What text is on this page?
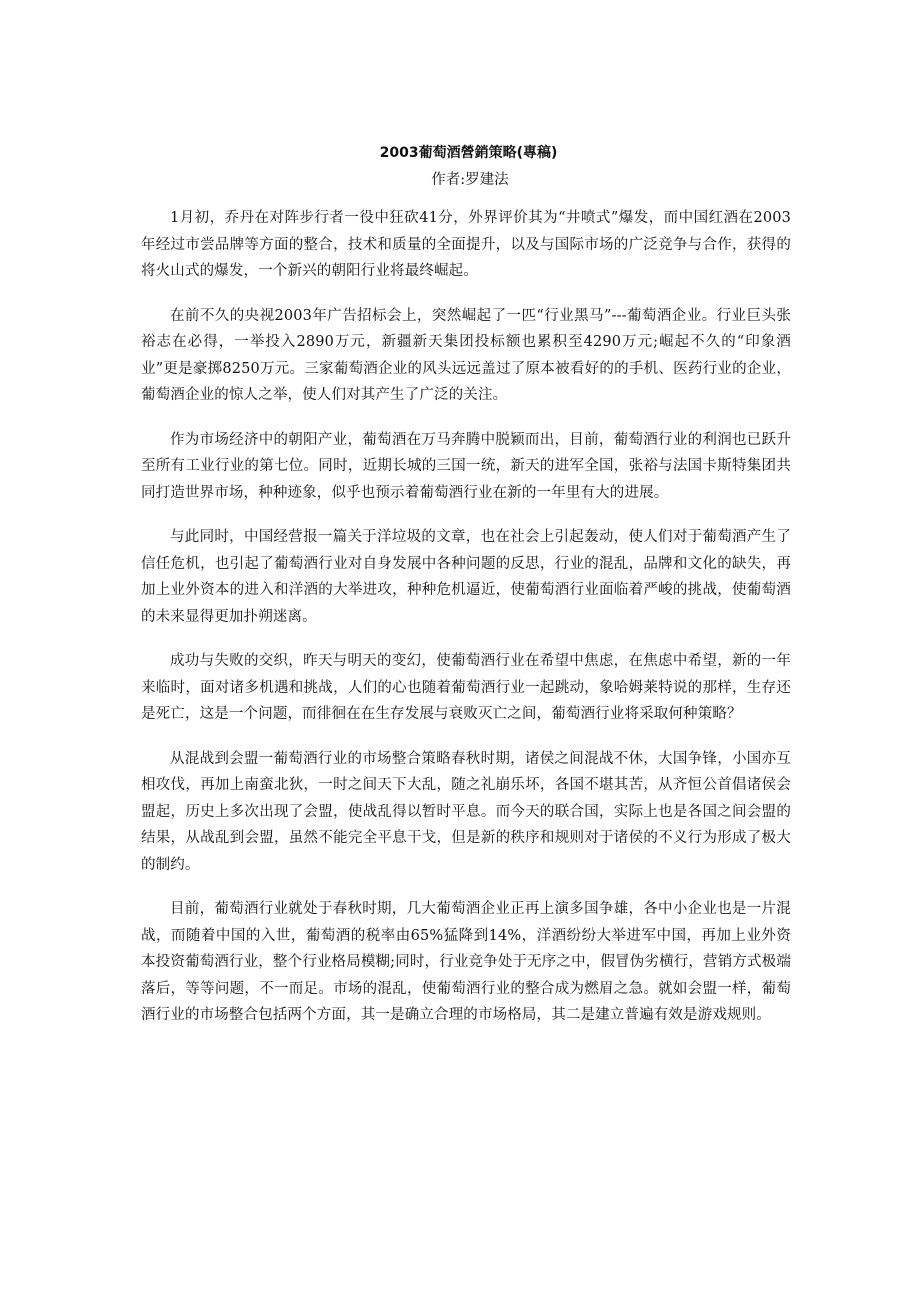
2003葡萄酒營銷策略(專稿)

作者:罗建法

1月初，乔丹在对阵步行者一役中狂砍41分，外界评价其为“井喷式”爆发，而中国红酒在2003年经过市尝品牌等方面的整合，技术和质量的全面提升，以及与国际市场的广泛竞争与合作，获得的将火山式的爆发，一个新兴的朝阳行业将最终崛起。

在前不久的央视2003年广告招标会上，突然崛起了一匹“行业黑马”---葡萄酒企业。行业巨头张裕志在必得，一举投入2890万元，新疆新天集团投标额也累积至4290万元;崛起不久的“印象酒业”更是豪掷8250万元。三家葡萄酒企业的风头远远盖过了原本被看好的的手机、医药行业的企业，葡萄酒企业的惊人之举，使人们对其产生了广泛的关注。

作为市场经济中的朝阳产业，葡萄酒在万马奔腾中脱颖而出，目前，葡萄酒行业的利润也已跃升至所有工业行业的第七位。同时，近期长城的三国一统，新天的进军全国，张裕与法国卡斯特集团共同打造世界市场，种种迹象，似乎也预示着葡萄酒行业在新的一年里有大的进展。

与此同时，中国经营报一篇关于洋垃圾的文章，也在社会上引起轰动，使人们对于葡萄酒产生了信任危机，也引起了葡萄酒行业对自身发展中各种问题的反思，行业的混乱，品牌和文化的缺失，再加上业外资本的进入和洋酒的大举进攻，种种危机逼近，使葡萄酒行业面临着严峻的挑战，使葡萄酒的未来显得更加扑朔迷离。

成功与失败的交织，昨天与明天的变幻，使葡萄酒行业在希望中焦虑，在焦虑中希望，新的一年来临时，面对诸多机遇和挑战，人们的心也随着葡萄酒行业一起跳动，象哈姆莱特说的那样，生存还是死亡，这是一个问题，而徘徊在在生存发展与衰败灭亡之间，葡萄酒行业将采取何种策略？

从混战到会盟一葡萄酒行业的市场整合策略春秋时期，诸侯之间混战不休，大国争锋，小国亦互相攻伐，再加上南蛮北狄，一时之间天下大乱，随之礼崩乐坏，各国不堪其苦，从齐恒公首倡诸侯会盟起，历史上多次出现了会盟，使战乱得以暂时平息。而今天的联合国，实际上也是各国之间会盟的结果，从战乱到会盟，虽然不能完全平息干戈，但是新的秩序和规则对于诸侯的不义行为形成了极大的制约。

目前，葡萄酒行业就处于春秋时期，几大葡萄酒企业正再上演多国争雄，各中小企业也是一片混战，而随着中国的入世，葡萄酒的税率由65%猛降到14%，洋酒纷纷大举进军中国，再加上业外资本投资葡萄酒行业，整个行业格局模糊;同时，行业竞争处于无序之中，假冒伪劣横行，营销方式极端落后，等等问题，不一而足。市场的混乱，使葡萄酒行业的整合成为燃眉之急。就如会盟一样，葡萄酒行业的市场整合包括两个方面，其一是确立合理的市场格局，其二是建立普遍有效是游戏规则。
